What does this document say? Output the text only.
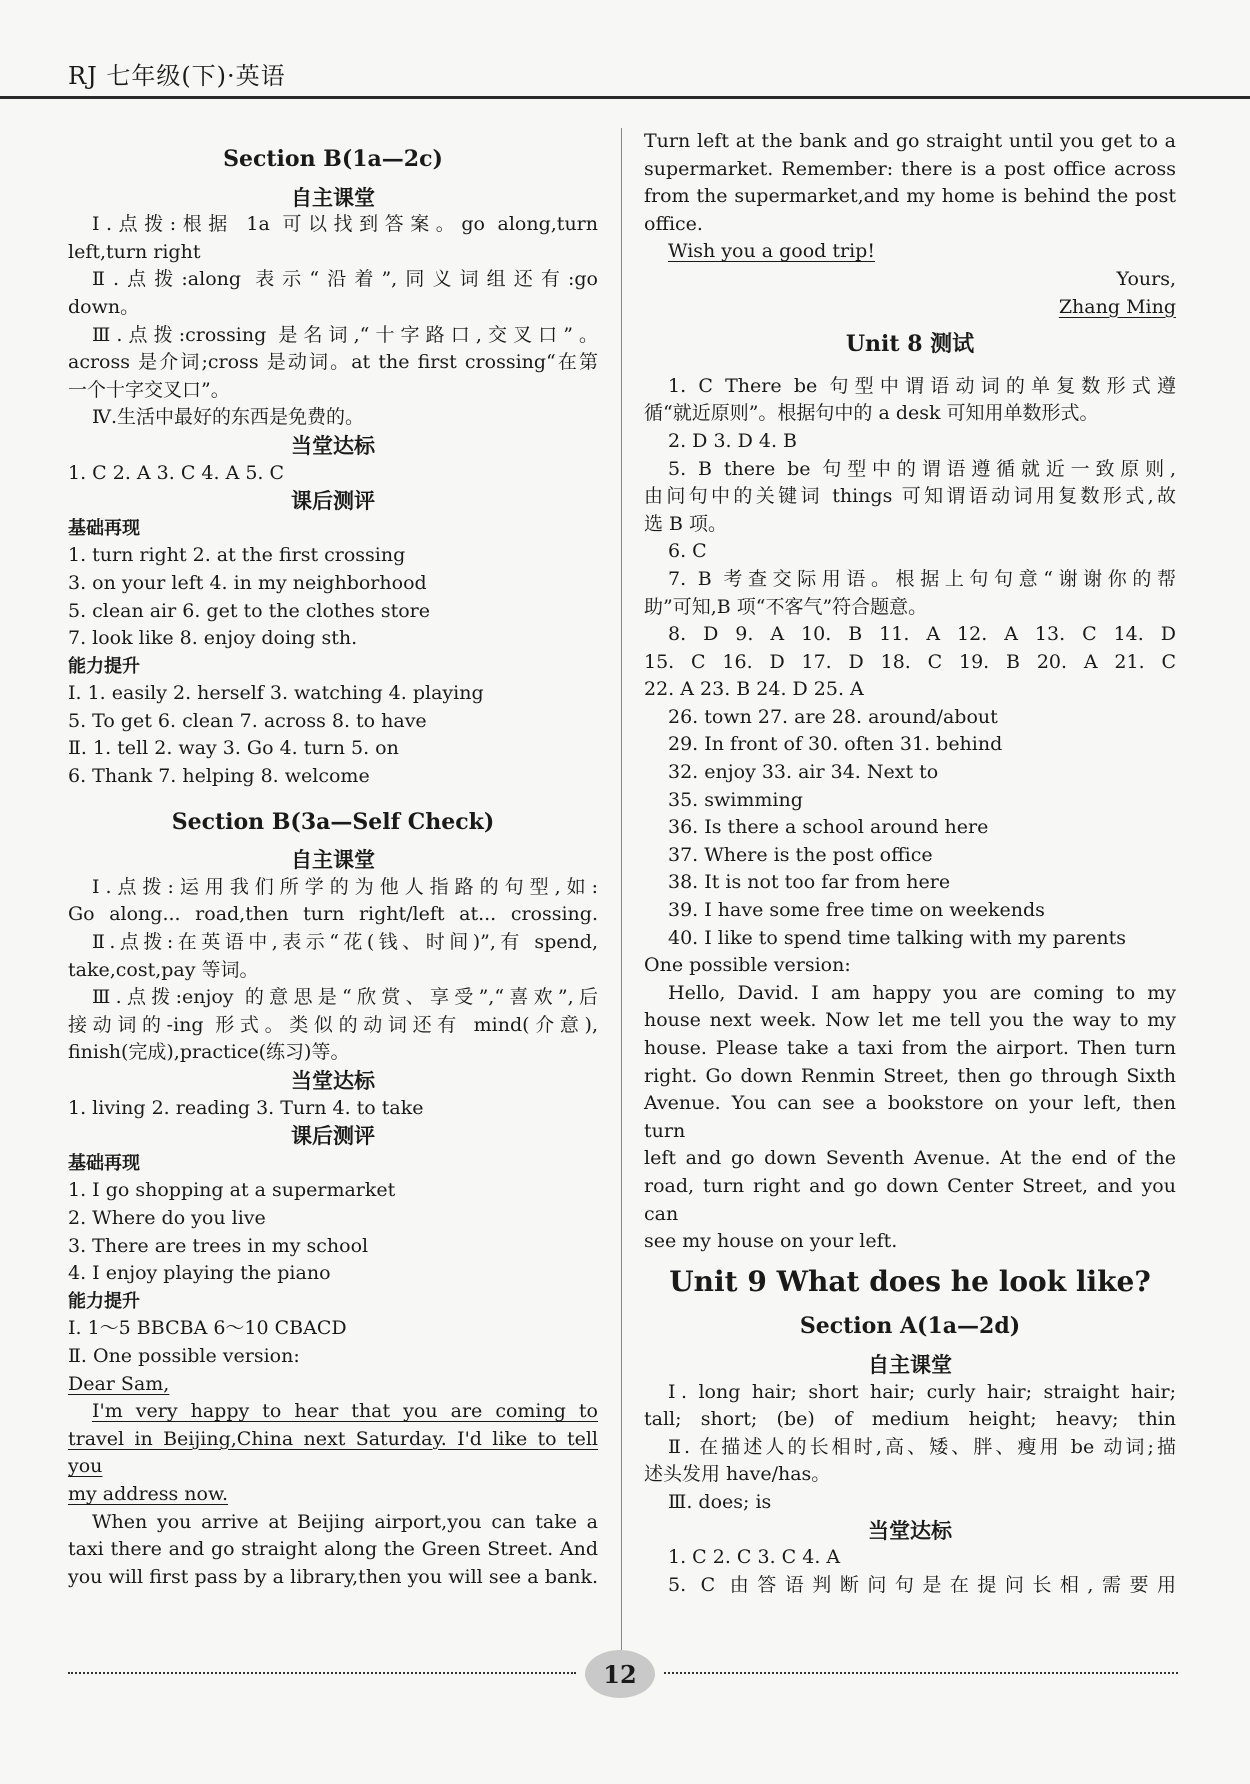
RJ 七年级(下)·英语
Section B(1a—2c)
自主课堂
Ⅰ.点拨:根据 1a 可以找到答案。go along,turn
left,turn right
Ⅱ.点拨:along 表示“沿着”,同义词组还有:go
down。
Ⅲ.点拨:crossing 是名词,“十字路口,交叉口”。
across 是介词;cross 是动词。at the first crossing“在第
一个十字交叉口”。
Ⅳ.生活中最好的东西是免费的。
当堂达标
1. C 2. A 3. C 4. A 5. C
课后测评
基础再现
1. turn right 2. at the first crossing
3. on your left 4. in my neighborhood
5. clean air 6. get to the clothes store
7. look like 8. enjoy doing sth.
能力提升
Ⅰ. 1. easily 2. herself 3. watching 4. playing
5. To get 6. clean 7. across 8. to have
Ⅱ. 1. tell 2. way 3. Go 4. turn 5. on
6. Thank 7. helping 8. welcome
Section B(3a—Self Check)
自主课堂
Ⅰ.点拨:运用我们所学的为他人指路的句型,如:
Go along... road,then turn right/left at... crossing.
Ⅱ.点拨:在英语中,表示“花(钱、时间)”,有 spend,
take,cost,pay 等词。
Ⅲ.点拨:enjoy 的意思是“欣赏、享受”,“喜欢”,后
接动词的-ing 形式。类似的动词还有 mind(介意),
finish(完成),practice(练习)等。
当堂达标
1. living 2. reading 3. Turn 4. to take
课后测评
基础再现
1. I go shopping at a supermarket
2. Where do you live
3. There are trees in my school
4. I enjoy playing the piano
能力提升
Ⅰ. 1～5 BBCBA 6～10 CBACD
Ⅱ. One possible version:
Dear Sam,
I'm very happy to hear that you are coming to
travel in Beijing,China next Saturday. I'd like to tell you
my address now.
When you arrive at Beijing airport,you can take a
taxi there and go straight along the Green Street. And
you will first pass by a library,then you will see a bank.
Turn left at the bank and go straight until you get to a
supermarket. Remember: there is a post office across
from the supermarket,and my home is behind the post
office.
Wish you a good trip!
Yours,
Zhang Ming
Unit 8 测试
1. C There be 句型中谓语动词的单复数形式遵
循“就近原则”。根据句中的 a desk 可知用单数形式。
2. D 3. D 4. B
5. B there be 句型中的谓语遵循就近一致原则,
由问句中的关键词 things 可知谓语动词用复数形式,故
选 B 项。
6. C
7. B 考查交际用语。根据上句句意“谢谢你的帮
助”可知,B 项“不客气”符合题意。
8. D 9. A 10. B 11. A 12. A 13. C 14. D
15. C 16. D 17. D 18. C 19. B 20. A 21. C
22. A 23. B 24. D 25. A
26. town 27. are 28. around/about
29. In front of 30. often 31. behind
32. enjoy 33. air 34. Next to
35. swimming
36. Is there a school around here
37. Where is the post office
38. It is not too far from here
39. I have some free time on weekends
40. I like to spend time talking with my parents
One possible version:
Hello, David. I am happy you are coming to my
house next week. Now let me tell you the way to my
house. Please take a taxi from the airport. Then turn
right. Go down Renmin Street, then go through Sixth
Avenue. You can see a bookstore on your left, then turn
left and go down Seventh Avenue. At the end of the
road, turn right and go down Center Street, and you can
see my house on your left.
Unit 9 What does he look like?
Section A(1a—2d)
自主课堂
Ⅰ. long hair; short hair; curly hair; straight hair;
tall; short; (be) of medium height; heavy; thin
Ⅱ. 在描述人的长相时,高、矮、胖、瘦用 be 动词;描
述头发用 have/has。
Ⅲ. does; is
当堂达标
1. C 2. C 3. C 4. A
5. C 由答语判断问句是在提问长相,需要用
12
